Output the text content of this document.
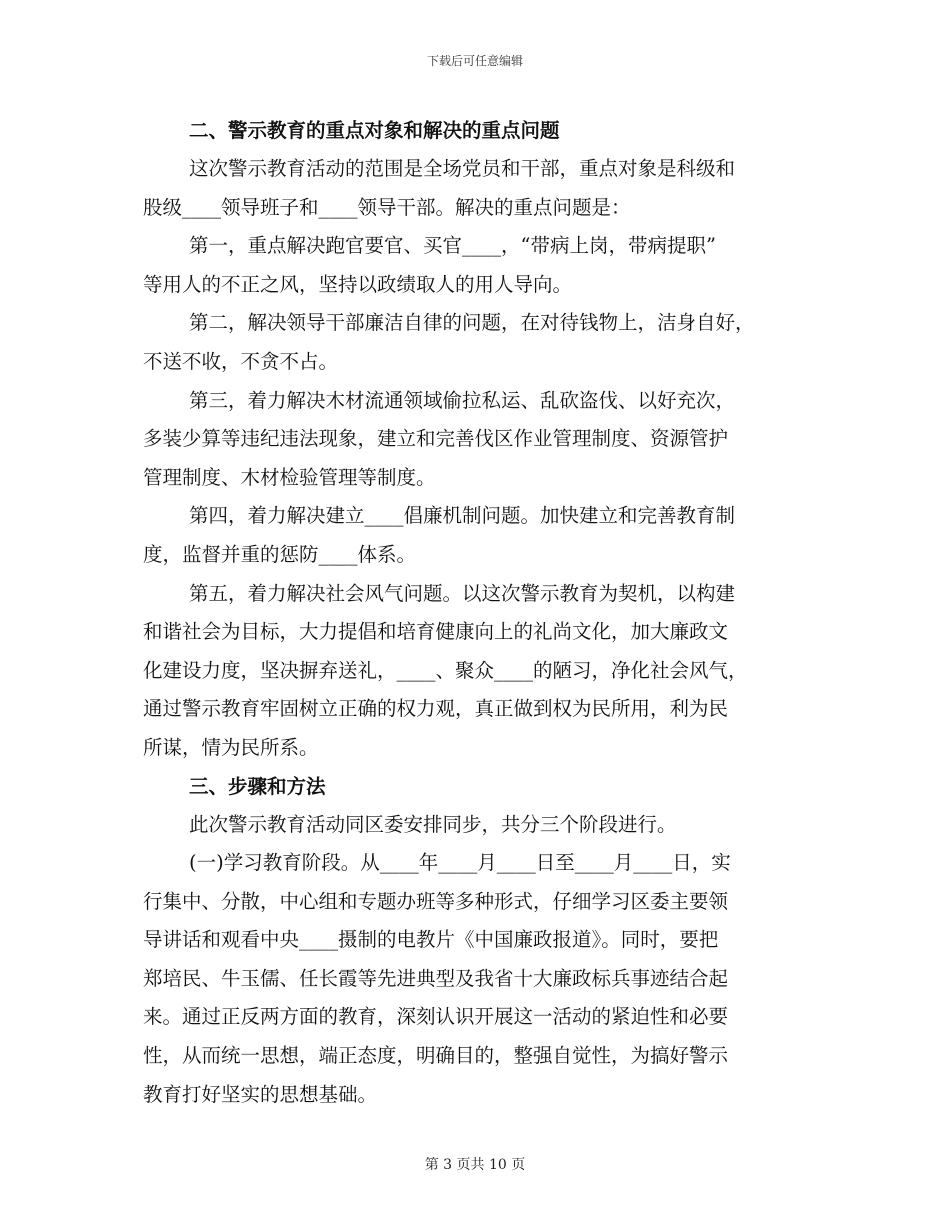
下载后可任意编辑
二、警示教育的重点对象和解决的重点问题
这次警示教育活动的范围是全场党员和干部，重点对象是科级和
股级____领导班子和____领导干部。解决的重点问题是：
第一，重点解决跑官要官、买官____，“带病上岗，带病提职”
等用人的不正之风，坚持以政绩取人的用人导向。
第二，解决领导干部廉洁自律的问题，在对待钱物上，洁身自好，
不送不收，不贪不占。
第三，着力解决木材流通领域偷拉私运、乱砍盗伐、以好充次，
多装少算等违纪违法现象，建立和完善伐区作业管理制度、资源管护
管理制度、木材检验管理等制度。
第四，着力解决建立____倡廉机制问题。加快建立和完善教育制
度，监督并重的惩防____体系。
第五，着力解决社会风气问题。以这次警示教育为契机，以构建
和谐社会为目标，大力提倡和培育健康向上的礼尚文化，加大廉政文
化建设力度，坚决摒弃送礼，____、聚众____的陋习，净化社会风气，
通过警示教育牢固树立正确的权力观，真正做到权为民所用，利为民
所谋，情为民所系。
三、步骤和方法
此次警示教育活动同区委安排同步，共分三个阶段进行。
(一)学习教育阶段。从____年____月____日至____月____日，实
行集中、分散，中心组和专题办班等多种形式，仔细学习区委主要领
导讲话和观看中央____摄制的电教片《中国廉政报道》。同时，要把
郑培民、牛玉儒、任长霞等先进典型及我省十大廉政标兵事迹结合起
来。通过正反两方面的教育，深刻认识开展这一活动的紧迫性和必要
性，从而统一思想，端正态度，明确目的，整强自觉性，为搞好警示
教育打好坚实的思想基础。
第 3 页共 10 页
